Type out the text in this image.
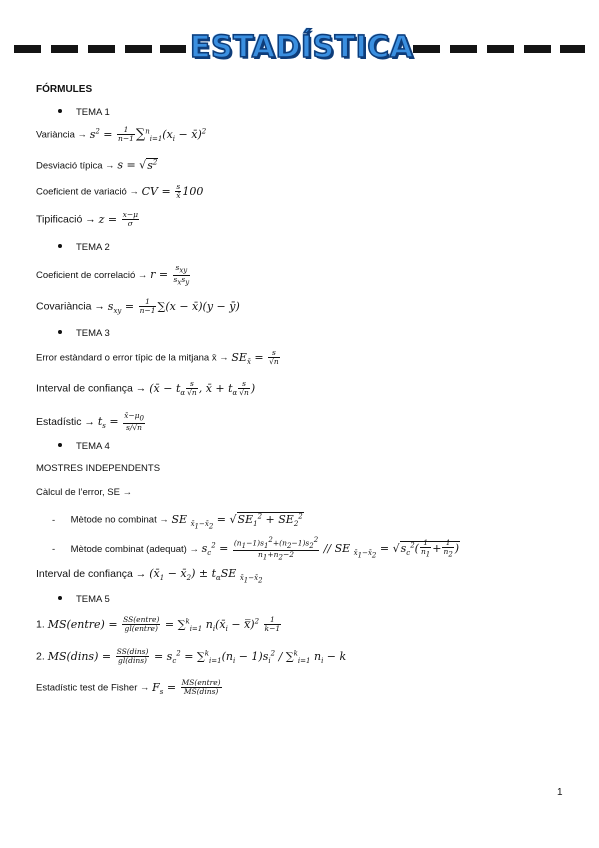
ESTADÍSTICA
FÓRMULES
TEMA 1
Variància → $s^2 = \frac{1}{n-1} \sum^n_{i=1}(x_i$ − x̄)$^2$
Desviació típica → $s = √s^2$
Coeficient de variació → CV = $\frac{s}{x̄} 100$
Tipificació → $z = \frac{x-\mu}{\sigma}$
TEMA 2
Coeficient de correlació → r =
$s_{xy}$
$s_xs_y$
Covariància → $s_{xy} = \frac{1}{n-1} \sum(x$ − x̄)(y − ȳ)
TEMA 3
Error estàndard o error típic de la mitjana x̄ → $SE_{x̄} = \frac{s}{√n}$
Interval de confiança → (x̄ − $t_\alpha \frac{s}{√n}$ , x̄ + $t_\alpha \frac{s}{√n}$ )
Estadístic → $t_s = \frac{x̄-\mu_0}{s/√n}$
TEMA 4
MOSTRES INDEPENDENTS
Càlcul de l’error, SE →
- Mètode no combinat → SE $_{x̄_1-x̄_2} = √SE_1^2 + SE_2^2$
- Mètode combinat (adequat) → $s_c^2 = \frac{(n_1-1)s_1^2+(n_2-1)s_2^2}{n_1+n_2-2}$ // SE $_{x̄_1-x̄_2} = √s_c^2( \frac{1}{n_1} + \frac{1}{n_2}$ )
Interval de confiança → ($x̄_1$ − $x̄_2) \pm t_\alpha SE$ $_{x̄_1-x̄_2}$
TEMA 5
1. MS(entre) = SS(entre)
gl(entre) = ∑$^k_{i=1}$ $n_i(x̄_i$ − x̿)$^2$ $\frac{1}{k-1}$
2. MS(dins) = SS(dins)
gl(dins) = $s_c^2 = \sum^k_{i=1}(n_i - 1)s_i^2 / \sum^k_{i=1}$ $n_i - k$
Estadístic test de Fisher → $F_s$ = MS(entre)
MS(dins)
1
